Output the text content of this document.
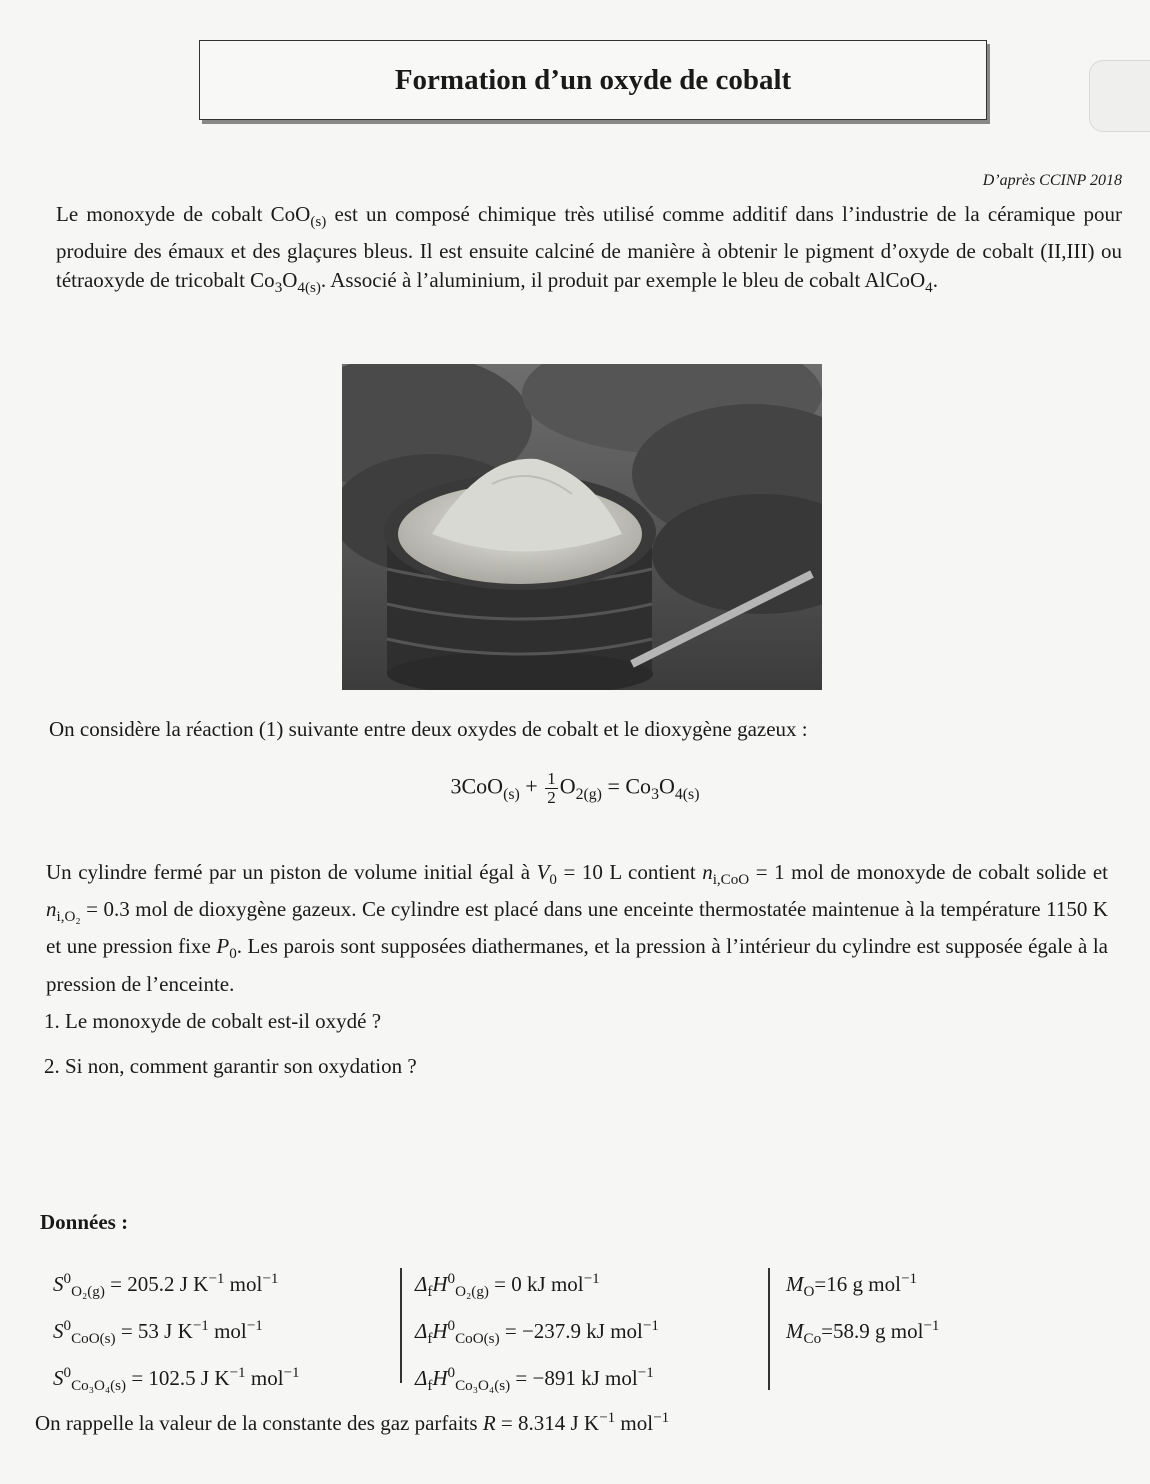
Formation d’un oxyde de cobalt
D’après CCINP 2018

Le monoxyde de cobalt CoO$_{(s)}$ est un composé chimique très utilisé comme additif dans l’industrie de la céramique pour produire des émaux et des glaçures bleus. Il est ensuite calciné de manière à obtenir le pigment d’oxyde de cobalt (II,III) ou tétraoxyde de tricobalt $Co_3O_{4(s)}$. Associé à l’aluminium, il produit par exemple le bleu de cobalt AlCoO$_4$.

On considère la réaction (1) suivante entre deux oxydes de cobalt et le dioxygène gazeux :
$3CoO_{(s)} + \frac{1}{2} O_{2(g)} = Co_3O_{4(s)}$

Un cylindre fermé par un piston de volume initial égal à $V_0 = 10$ L contient $n_{i,CoO} = 1$ mol de monoxyde de cobalt solide et $n_{i,O_2} = 0.3$ mol de dioxygène gazeux. Ce cylindre est placé dans une enceinte thermostatée maintenue à la température 1150 K et une pression fixe $P_0$. Les parois sont supposées diathermanes, et la pression à l’intérieur du cylindre est supposée égale à la pression de l’enceinte.

1. Le monoxyde de cobalt est-il oxydé ?
2. Si non, comment garantir son oxydation ?
Données :
$S^0_{O_2(g)} = 205.2$ J $K^{-1}$ mol$^{-1}$
$S^0_{CoO(s)} = 53$ J $K^{-1}$ mol$^{-1}$
$S^0_{Co_3O_4(s)} = 102.5$ J $K^{-1}$ mol$^{-1}$
$\Delta_fH^0_{O_2(g)} = 0$ kJ mol$^{-1}$
$\Delta_fH^0_{CoO(s)} = -237.9$ kJ mol$^{-1}$
$\Delta_fH^0_{Co_3O_4(s)} = -891$ kJ mol$^{-1}$
$M_O=16$ g mol$^{-1}$
$M_{Co}=58.9$ g mol$^{-1}$
On rappelle la valeur de la constante des gaz parfaits R = 8.314 J $K^{-1}$ mol$^{-1}$
